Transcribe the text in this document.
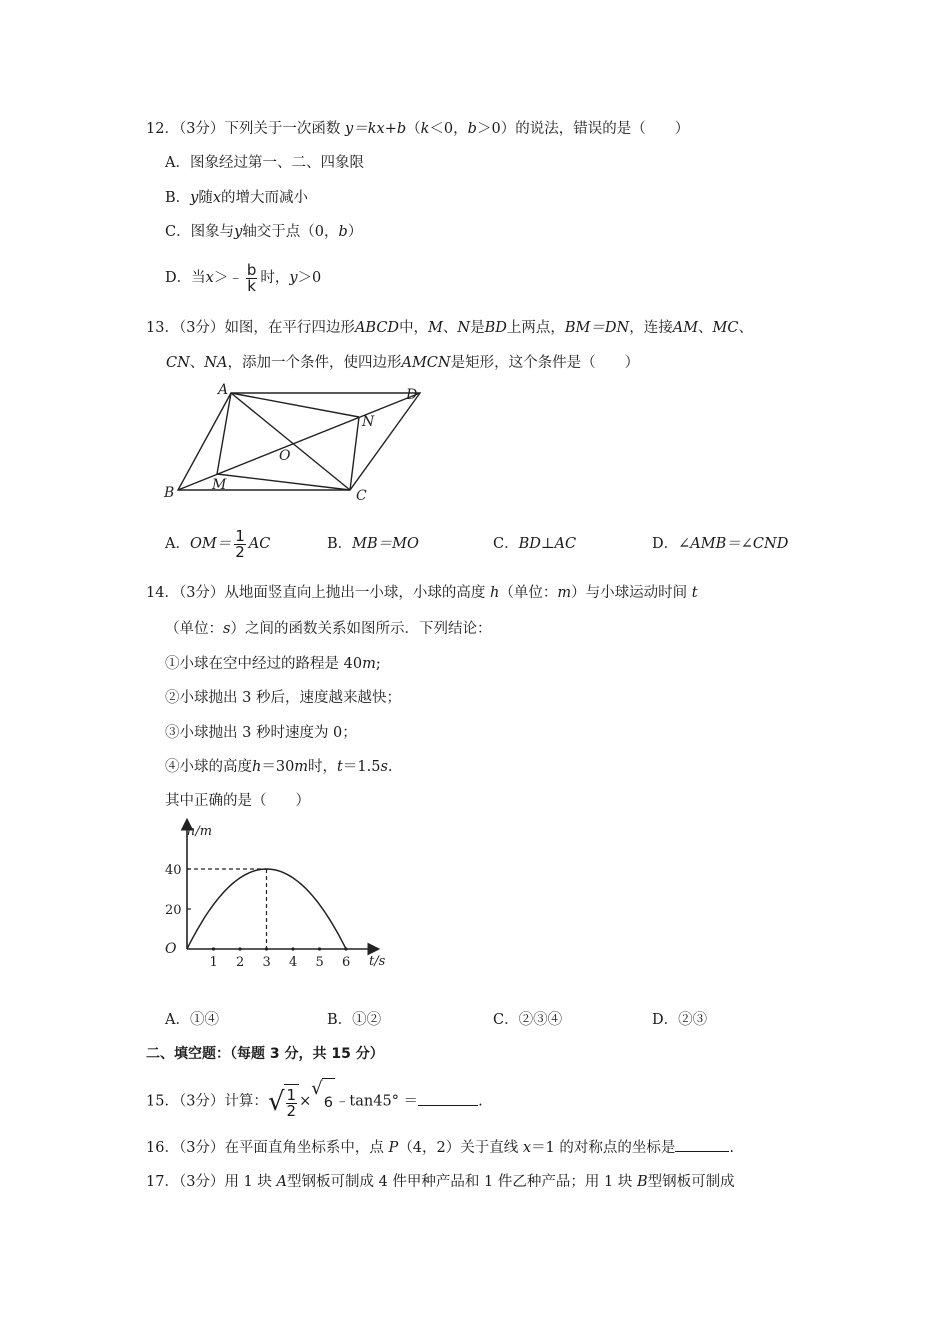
12．（3分）下列关于一次函数 y＝kx+b（k＜0，b＞0）的说法，错误的是（　　）
A．图象经过第一、二、四象限
B．y随x的增大而减小
C．图象与y轴交于点（0，b）
D．当x＞﹣ $\frac{b}{k}$ 时，y＞0
13．（3分）如图，在平行四边形ABCD中，M、N是BD上两点，BM＝DN，连接AM、MC、
CN、NA，添加一个条件，使四边形AMCN是矩形，这个条件是（　　）
A
B	C
D
M
N
O
A．$OM= \frac{1}{2}$ AC	B．MB＝MO	C．BD⊥AC	D．∠AMB＝∠CND
14．（3分）从地面竖直向上抛出一小球，小球的高度 h（单位：m）与小球运动时间 t
（单位：s）之间的函数关系如图所示．下列结论：
①小球在空中经过的路程是 40m;
②小球抛出 3 秒后，速度越来越快；
③小球抛出 3 秒时速度为 0；
④小球的高度h＝30m时，t＝1.5s.
其中正确的是（　　）
h/m
t/s
O
1 2 3 4 5 6
20
40
A．①④	B．①②	C．②③④	D．②③
二、填空题：（每题 3 分，共 15 分）
15．（3分）计算： √ $\frac{1}{2}$ ×
√
6 ﹣tan45° ＝	.
16．（3分）在平面直角坐标系中，点 P（4，2）关于直线 x＝1 的对称点的坐标是	.
17．（3分）用 1 块 A型钢板可制成 4 件甲种产品和 1 件乙种产品；用 1 块 B型钢板可制成
